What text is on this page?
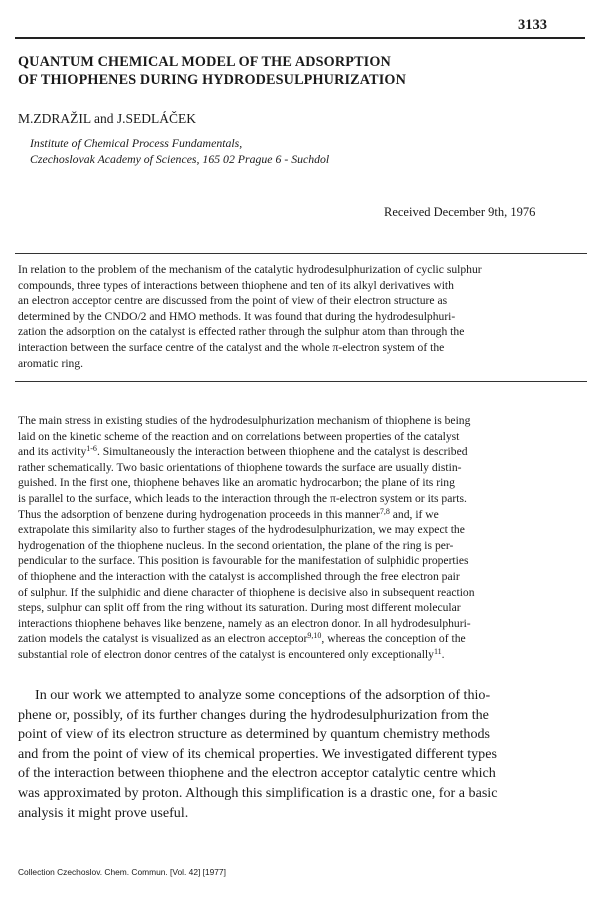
3133
QUANTUM CHEMICAL MODEL OF THE ADSORPTION
OF THIOPHENES DURING HYDRODESULPHURIZATION
M.ZDRAŽIL and J.SEDLÁČEK
Institute of Chemical Process Fundamentals,
Czechoslovak Academy of Sciences, 165 02 Prague 6 - Suchdol
Received December 9th, 1976
In relation to the problem of the mechanism of the catalytic hydrodesulphurization of cyclic sulphur
compounds, three types of interactions between thiophene and ten of its alkyl derivatives with
an electron acceptor centre are discussed from the point of view of their electron structure as
determined by the CNDO/2 and HMO methods. It was found that during the hydrodesulphuri-
zation the adsorption on the catalyst is effected rather through the sulphur atom than through the
interaction between the surface centre of the catalyst and the whole π-electron system of the
aromatic ring.
The main stress in existing studies of the hydrodesulphurization mechanism of thiophene is being
laid on the kinetic scheme of the reaction and on correlations between properties of the catalyst
and its activity$^{1-6}$. Simultaneously the interaction between thiophene and the catalyst is described
rather schematically. Two basic orientations of thiophene towards the surface are usually distin-
guished. In the first one, thiophene behaves like an aromatic hydrocarbon; the plane of its ring
is parallel to the surface, which leads to the interaction through the π-electron system or its parts.
Thus the adsorption of benzene during hydrogenation proceeds in this manner$^{7,8}$ and, if we
extrapolate this similarity also to further stages of the hydrodesulphurization, we may expect the
hydrogenation of the thiophene nucleus. In the second orientation, the plane of the ring is per-
pendicular to the surface. This position is favourable for the manifestation of sulphidic properties
of thiophene and the interaction with the catalyst is accomplished through the free electron pair
of sulphur. If the sulphidic and diene character of thiophene is decisive also in subsequent reaction
steps, sulphur can split off from the ring without its saturation. During most different molecular
interactions thiophene behaves like benzene, namely as an electron donor. In all hydrodesulphuri-
zation models the catalyst is visualized as an electron acceptor$^{9,10}$, whereas the conception of the
substantial role of electron donor centres of the catalyst is encountered only exceptionally$^{11}$.
In our work we attempted to analyze some conceptions of the adsorption of thio-
phene or, possibly, of its further changes during the hydrodesulphurization from the
point of view of its electron structure as determined by quantum chemistry methods
and from the point of view of its chemical properties. We investigated different types
of the interaction between thiophene and the electron acceptor catalytic centre which
was approximated by proton. Although this simplification is a drastic one, for a basic
analysis it might prove useful.
Collection Czechoslov. Chem. Commun. [Vol. 42] [1977]
